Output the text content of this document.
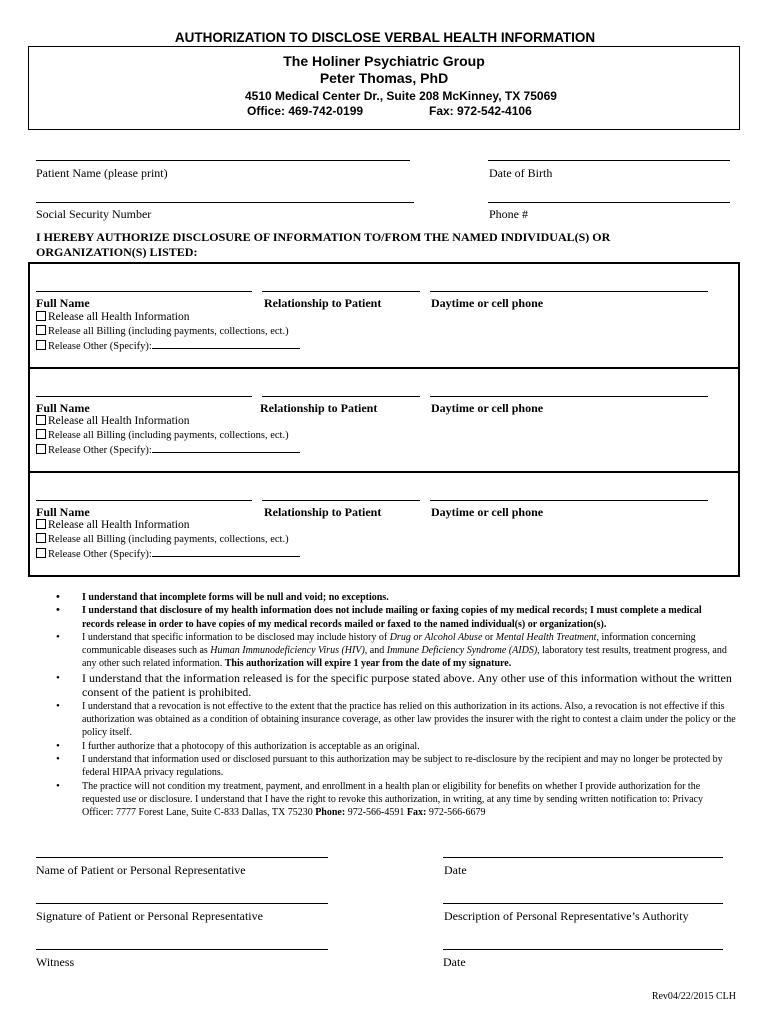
AUTHORIZATION TO DISCLOSE VERBAL HEALTH INFORMATION
The Holiner Psychiatric Group
Peter Thomas, PhD
4510 Medical Center Dr., Suite 208 McKinney, TX 75069
Office: 469-742-0199	Fax: 972-542-4106
Patient Name (please print)	Date of Birth
Social Security Number	Phone #
I HEREBY AUTHORIZE DISCLOSURE OF INFORMATION TO/FROM THE NAMED INDIVIDUAL(S) OR ORGANIZATION(S) LISTED:
Full Name	Relationship to Patient	Daytime or cell phone
Release all Health Information
Release all Billing (including payments, collections, ect.)
Release Other (Specify):
Full Name	Relationship to Patient	Daytime or cell phone
Release all Health Information
Release all Billing (including payments, collections, ect.)
Release Other (Specify):
Full Name	Relationship to Patient	Daytime or cell phone
Release all Health Information
Release all Billing (including payments, collections, ect.)
Release Other (Specify):
• I understand that incomplete forms will be null and void; no exceptions.
• I understand that disclosure of my health information does not include mailing or faxing copies of my medical records; I must complete a medical records release in order to have copies of my medical records mailed or faxed to the named individual(s) or organization(s).
• I understand that specific information to be disclosed may include history of Drug or Alcohol Abuse or Mental Health Treatment, information concerning communicable diseases such as Human Immunodeficiency Virus (HIV), and Immune Deficiency Syndrome (AIDS), laboratory test results, treatment progress, and any other such related information. This authorization will expire 1 year from the date of my signature.
• I understand that the information released is for the specific purpose stated above. Any other use of this information without the written consent of the patient is prohibited.
• I understand that a revocation is not effective to the extent that the practice has relied on this authorization in its actions. Also, a revocation is not effective if this authorization was obtained as a condition of obtaining insurance coverage, as other law provides the insurer with the right to contest a claim under the policy or the policy itself.
• I further authorize that a photocopy of this authorization is acceptable as an original.
• I understand that information used or disclosed pursuant to this authorization may be subject to re-disclosure by the recipient and may no longer be protected by federal HIPAA privacy regulations.
• The practice will not condition my treatment, payment, and enrollment in a health plan or eligibility for benefits on whether I provide authorization for the requested use or disclosure. I understand that I have the right to revoke this authorization, in writing, at any time by sending written notification to: Privacy Officer: 7777 Forest Lane, Suite C-833 Dallas, TX 75230 Phone: 972-566-4591 Fax: 972-566-6679
Name of Patient or Personal Representative	Date
Signature of Patient or Personal Representative	Description of Personal Representative’s Authority
Witness	Date
Rev04/22/2015 CLH
